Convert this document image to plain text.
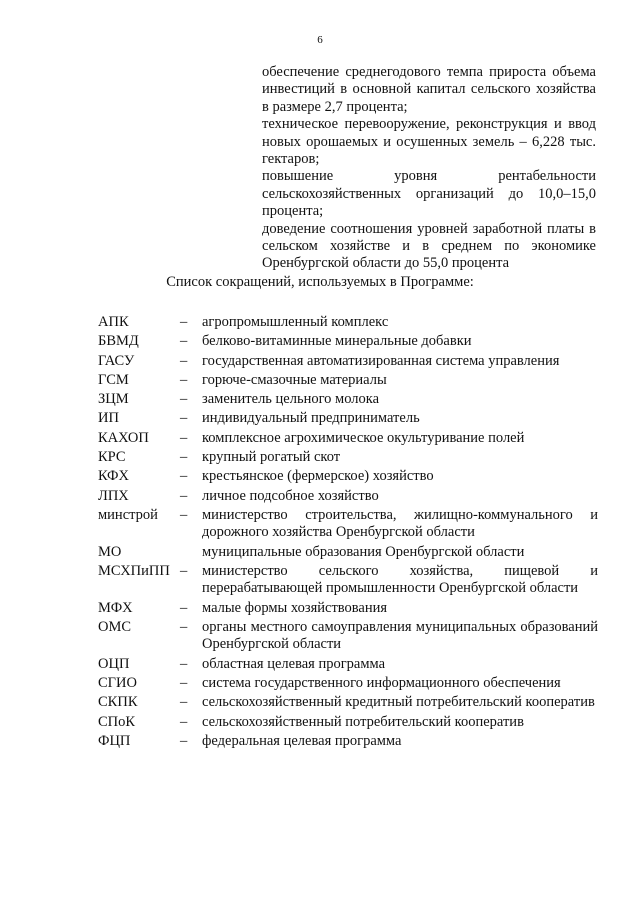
6
обеспечение среднегодового темпа прироста объема инвестиций в основной капитал сельского хозяйства в размере 2,7 процента;
техническое перевооружение, реконструкция и ввод новых орошаемых и осушенных земель – 6,228 тыс. гектаров;
повышение уровня рентабельности сельскохозяйственных организаций до 10,0–15,0 процента;
доведение соотношения уровней заработной платы в сельском хозяйстве и в среднем по экономике Оренбургской области до 55,0 процента
Список сокращений, используемых в Программе:
АПК	–	агропромышленный комплекс
БВМД	–	белково-витаминные минеральные добавки
ГАСУ	–	государственная автоматизированная система управления
ГСМ	–	горюче-смазочные материалы
ЗЦМ	–	заменитель цельного молока
ИП	–	индивидуальный предприниматель
КАХОП	–	комплексное агрохимическое окультуривание полей
КРС	–	крупный рогатый скот
КФХ	–	крестьянское (фермерское) хозяйство
ЛПХ	–	личное подсобное хозяйство
минстрой	–	министерство строительства, жилищно-коммунального и дорожного хозяйства Оренбургской области
МО		муниципальные образования Оренбургской области
МСХПиПП	–	министерство сельского хозяйства, пищевой и перерабатывающей промышленности Оренбургской области
МФХ	–	малые формы хозяйствования
ОМС	–	органы местного самоуправления муниципальных образований Оренбургской области
ОЦП	–	областная целевая программа
СГИО	–	система государственного информационного обеспечения
СКПК	–	сельскохозяйственный кредитный потребительский кооператив
СПоК	–	сельскохозяйственный потребительский кооператив
ФЦП	–	федеральная целевая программа
